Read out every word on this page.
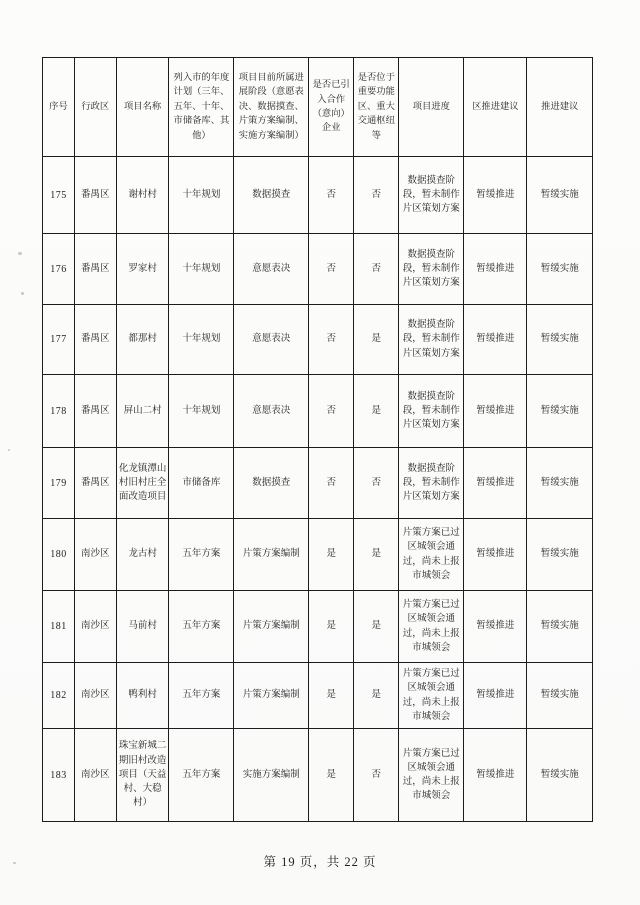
序号	行政区	项目名称	列入市的年度计划（三年、五年、十年、市储备库、其他）	项目目前所属进展阶段（意愿表决、数据摸查、片策方案编制、实施方案编制）	是否已引入合作（意向）企业	是否位于重要功能区、重大交通枢纽等	项目进度	区推进建议	推进建议
175	番禺区	谢村村	十年规划	数据摸查	否	否	数据摸查阶段，暂未制作片区策划方案	暂缓推进	暂缓实施
176	番禺区	罗家村	十年规划	意愿表决	否	否	数据摸查阶段，暂未制作片区策划方案	暂缓推进	暂缓实施
177	番禺区	都那村	十年规划	意愿表决	否	是	数据摸查阶段，暂未制作片区策划方案	暂缓推进	暂缓实施
178	番禺区	屏山二村	十年规划	意愿表决	否	是	数据摸查阶段，暂未制作片区策划方案	暂缓推进	暂缓实施
179	番禺区	化龙镇潭山村旧村庄全面改造项目	市储备库	数据摸查	否	否	数据摸查阶段，暂未制作片区策划方案	暂缓推进	暂缓实施
180	南沙区	龙古村	五年方案	片策方案编制	是	是	片策方案已过区城领会通过，尚未上报市城领会	暂缓推进	暂缓实施
181	南沙区	马前村	五年方案	片策方案编制	是	是	片策方案已过区城领会通过，尚未上报市城领会	暂缓推进	暂缓实施
182	南沙区	鸭利村	五年方案	片策方案编制	是	是	片策方案已过区城领会通过，尚未上报市城领会	暂缓推进	暂缓实施
183	南沙区	珠宝新城二期旧村改造项目（天益村、大稳村）	五年方案	实施方案编制	是	否	片策方案已过区城领会通过，尚未上报市城领会	暂缓推进	暂缓实施
第 19 页，共 22 页
